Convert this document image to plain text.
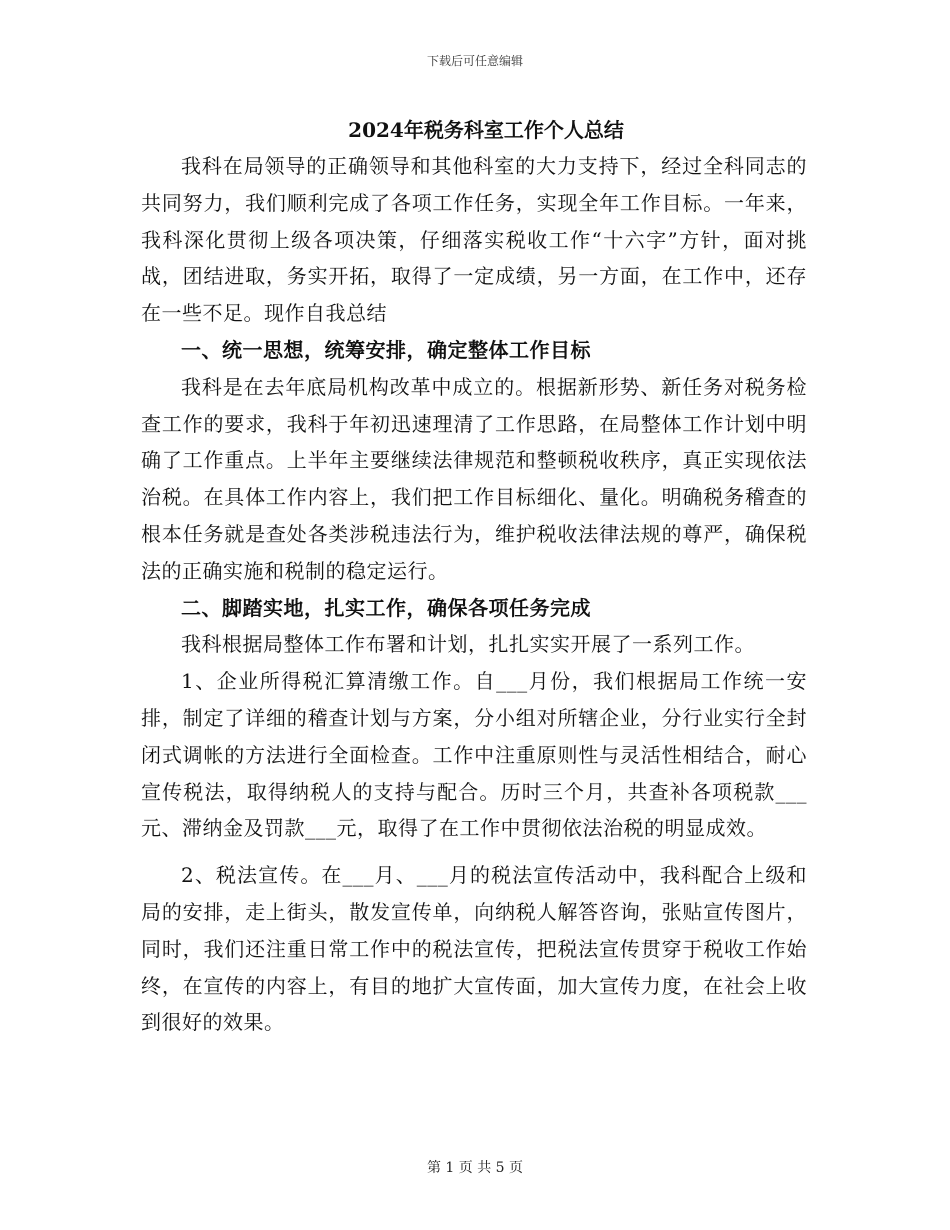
下载后可任意编辑
2024年税务科室工作个人总结

我科在局领导的正确领导和其他科室的大力支持下，经过全科同志的共同努力，我们顺利完成了各项工作任务，实现全年工作目标。一年来，我科深化贯彻上级各项决策，仔细落实税收工作“十六字”方针，面对挑战，团结进取，务实开拓，取得了一定成绩，另一方面，在工作中，还存在一些不足。现作自我总结

一、统一思想，统筹安排，确定整体工作目标

我科是在去年底局机构改革中成立的。根据新形势、新任务对税务检查工作的要求，我科于年初迅速理清了工作思路，在局整体工作计划中明确了工作重点。上半年主要继续法律规范和整顿税收秩序，真正实现依法治税。在具体工作内容上，我们把工作目标细化、量化。明确税务稽查的根本任务就是查处各类涉税违法行为，维护税收法律法规的尊严，确保税法的正确实施和税制的稳定运行。

二、脚踏实地，扎实工作，确保各项任务完成

我科根据局整体工作布署和计划，扎扎实实开展了一系列工作。

1、企业所得税汇算清缴工作。自___月份，我们根据局工作统一安排，制定了详细的稽查计划与方案，分小组对所辖企业，分行业实行全封闭式调帐的方法进行全面检查。工作中注重原则性与灵活性相结合，耐心宣传税法，取得纳税人的支持与配合。历时三个月，共查补各项税款___元、滞纳金及罚款___元，取得了在工作中贯彻依法治税的明显成效。

2、税法宣传。在___月、___月的税法宣传活动中，我科配合上级和局的安排，走上街头，散发宣传单，向纳税人解答咨询，张贴宣传图片，同时，我们还注重日常工作中的税法宣传，把税法宣传贯穿于税收工作始终，在宣传的内容上，有目的地扩大宣传面，加大宣传力度，在社会上收到很好的效果。

第 1 页 共 5 页
